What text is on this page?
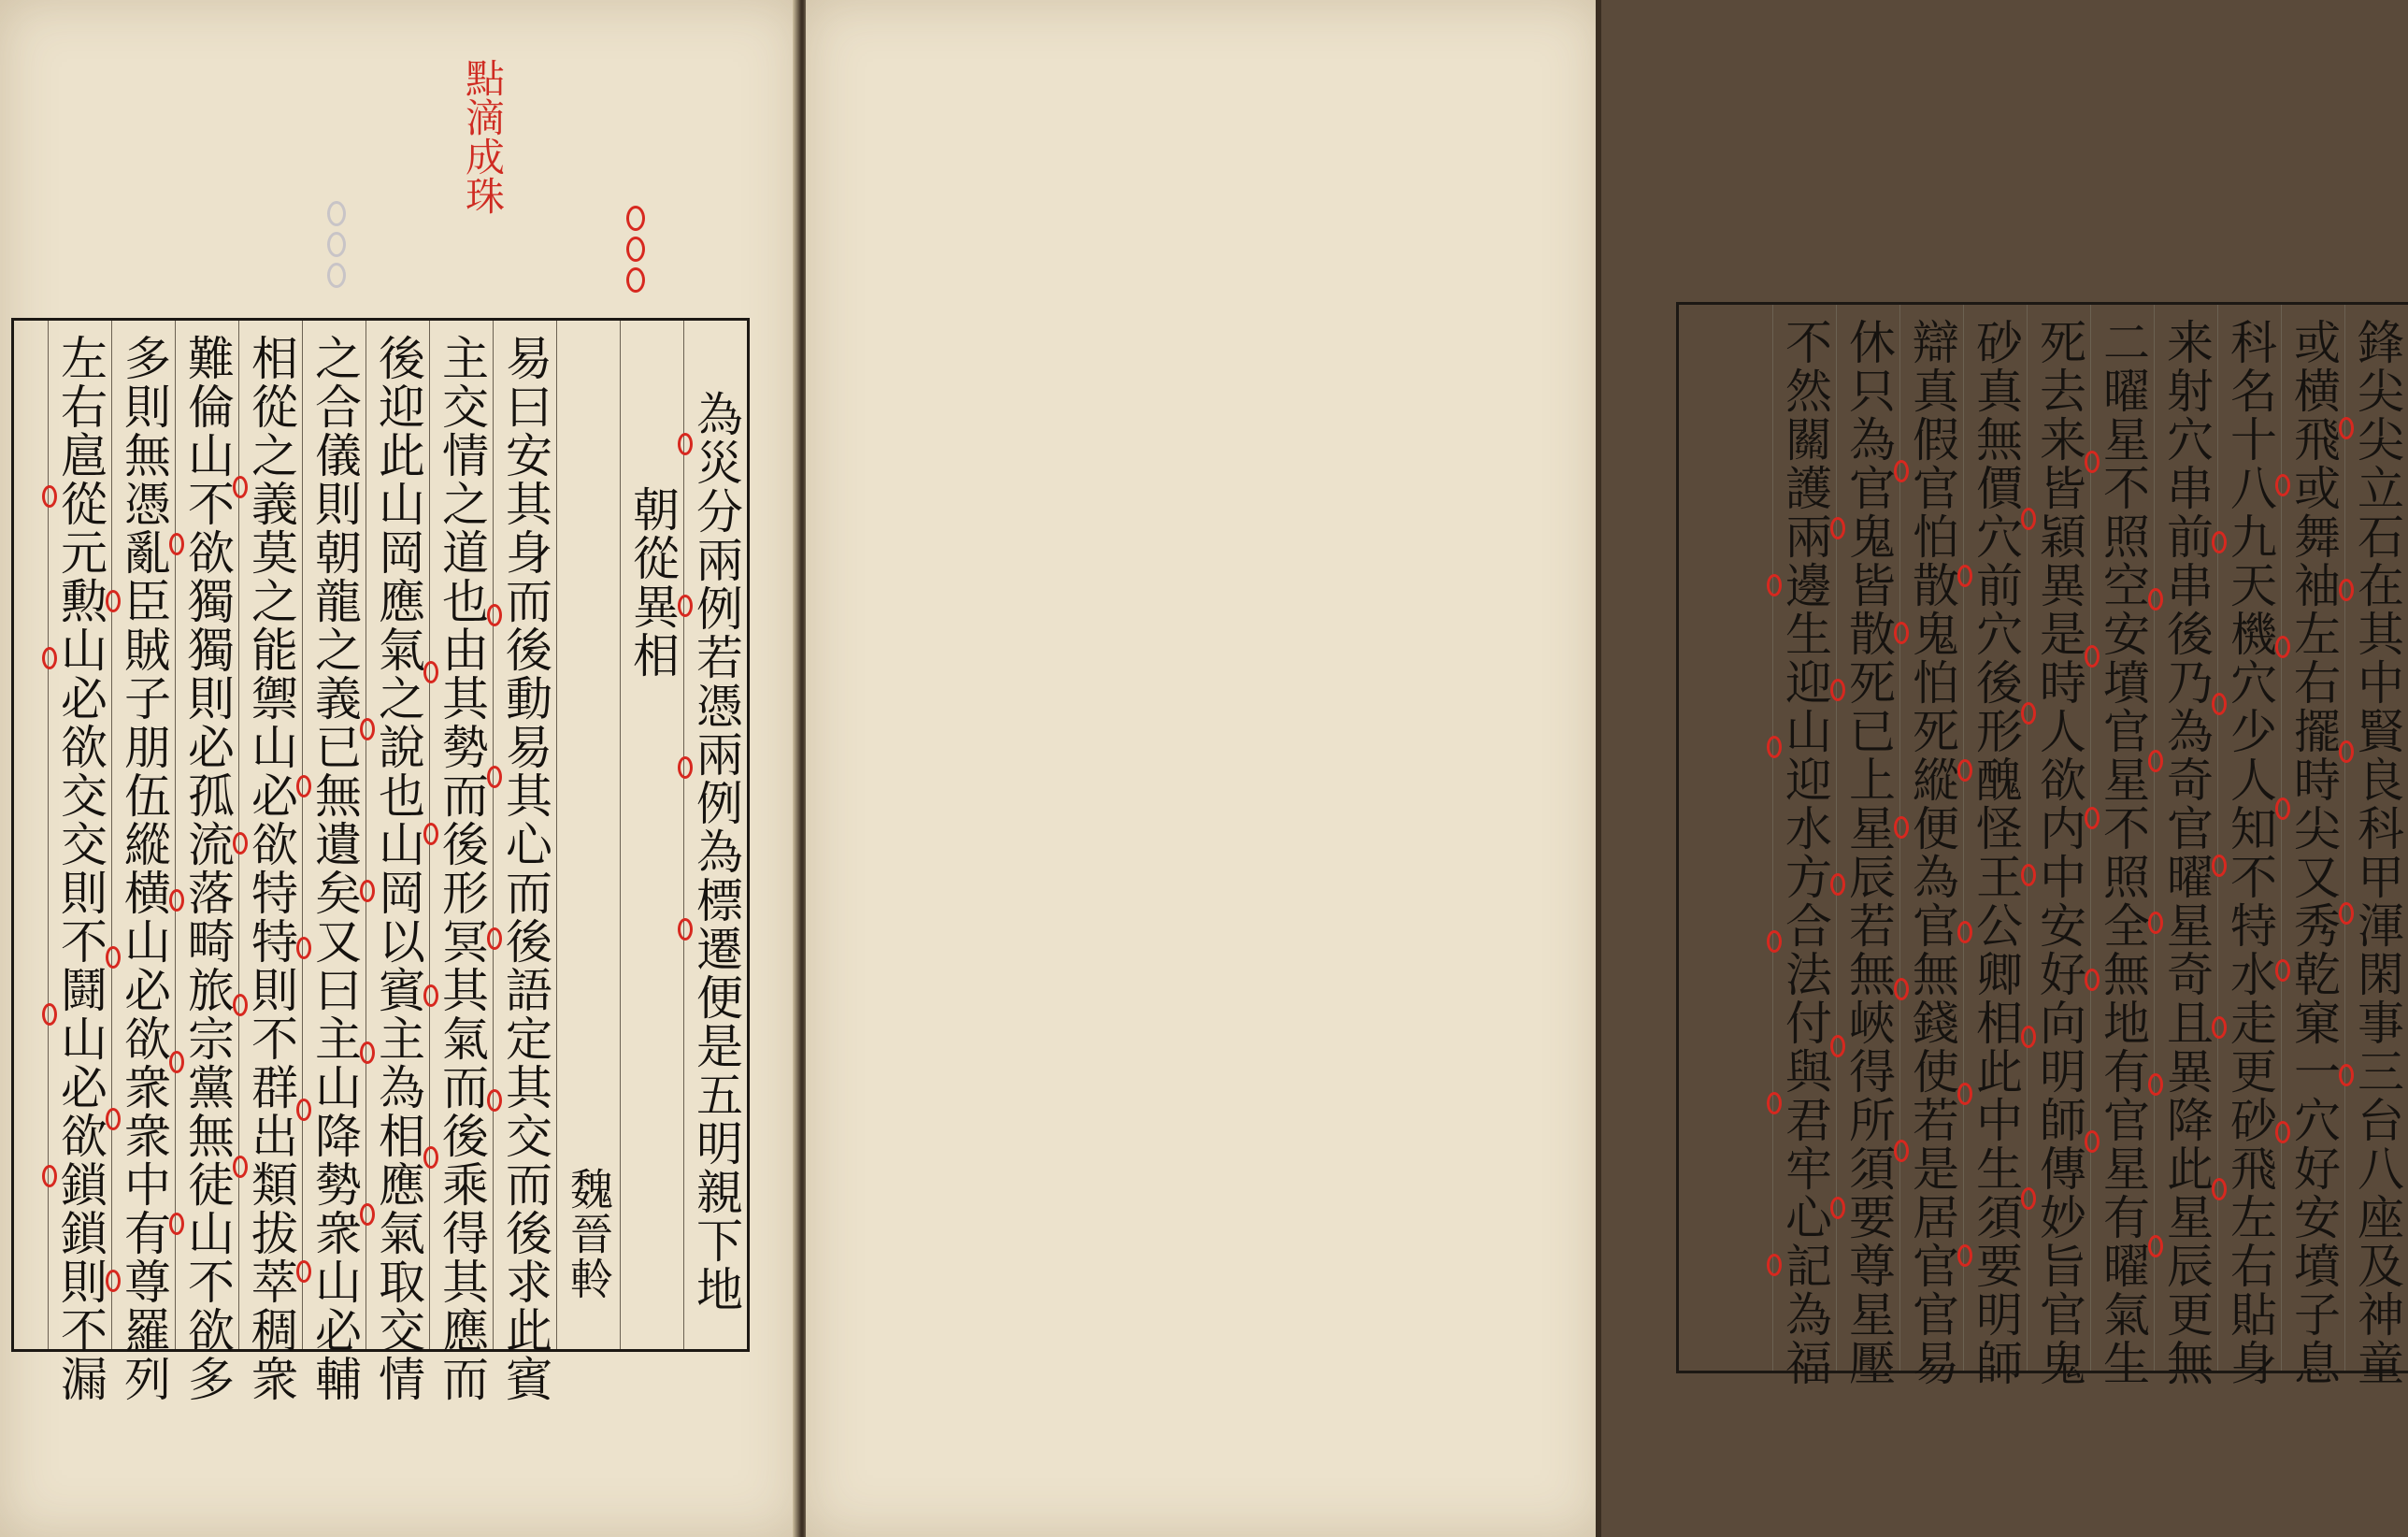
點滴成珠
為災分兩例若憑兩例為標遷便是五明親下地
朝從異相
魏晉軨
易曰安其身而後動易其心而後語定其交而後求此賓
主交情之道也由其勢而後形冥其氣而後乘得其應而
後迎此山岡應氣之說也山岡以賓主為相應氣取交情
之合儀則朝龍之義已無遺矣又曰主山降勢衆山必輔
相從之義莫之能禦山必欲特特則不群出類拔萃稠衆
難倫山不欲獨獨則必孤流落畸旅宗黨無徒山不欲多
多則無憑亂臣賊子朋伍縱横山必欲衆衆中有尊羅列
左右扈從元勲山必欲交交則不鬪山必欲鎖鎖則不漏	鋒尖尖立石在其中賢良科甲渾閑事三台八座及神童
或横飛或舞袖左右擺時尖又秀乾窠一穴好安墳子息
科名十八九天機穴少人知不特水走更砂飛左右貼身
来射穴串前串後乃為奇官曜星奇且異降此星辰更無
二曜星不照空安墳官星不照全無地有官星有曜氣生
死去来皆穎異是時人欲内中安好向明師傳妙旨官鬼
砂真無價穴前穴後形醜怪王公卿相此中生須要明師
辯真假官怕散鬼怕死縱便為官無錢使若是居官官易
休只為官鬼皆散死已上星辰若無峽得所須要尊星壓
不然關護兩邊生迎山迎水方合法付與君牢心記為福
